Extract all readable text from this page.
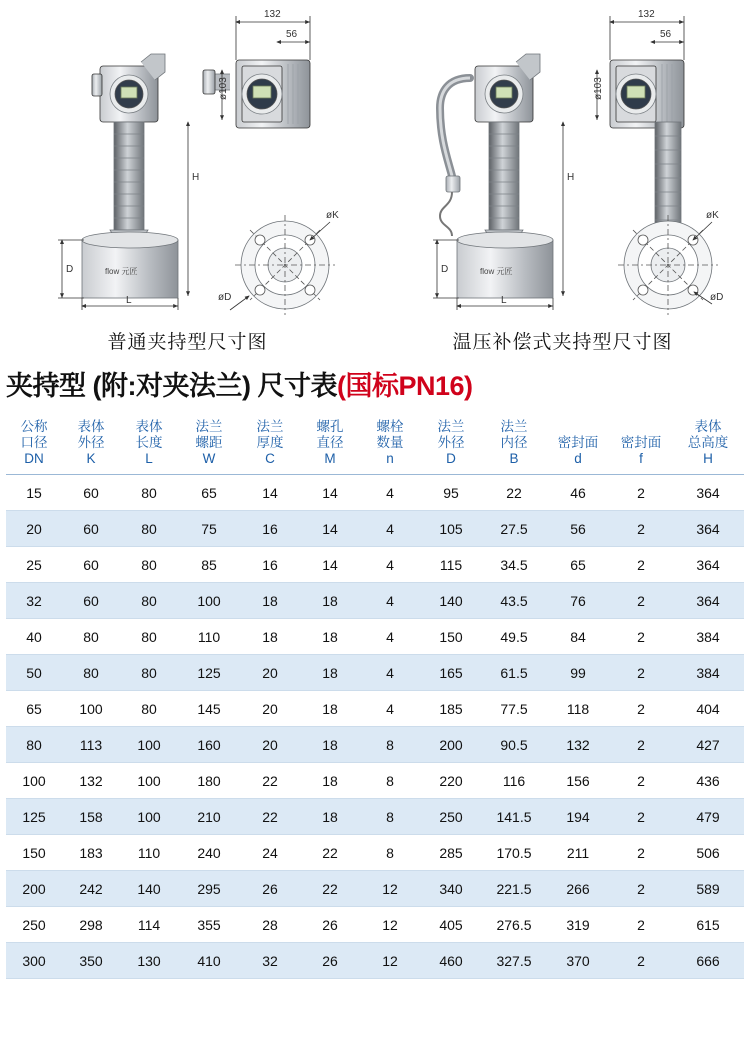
132
56
ø103
flow 元匠
H
D
L
øK
øD
132
56
ø103
flow 元匠
H
D
L
øK
øD
普通夹持型尺寸图	温压补偿式夹持型尺寸图
夹持型 (附:对夹法兰) 尺寸表 (国标PN16)
公称
口径
DN	表体
外径
K	表体
长度
L	法兰
螺距
W	法兰
厚度
C	螺孔
直径
M	螺栓
数量
n	法兰
外径
D	法兰
内径
B	密封面
d	密封面
f	表体
总高度
H

15	60	80	65	14	14	4	95	22	46	2	364
20	60	80	75	16	14	4	105	27.5	56	2	364
25	60	80	85	16	14	4	115	34.5	65	2	364
32	60	80	100	18	18	4	140	43.5	76	2	364
40	80	80	110	18	18	4	150	49.5	84	2	384
50	80	80	125	20	18	4	165	61.5	99	2	384
65	100	80	145	20	18	4	185	77.5	118	2	404
80	113	100	160	20	18	8	200	90.5	132	2	427
100	132	100	180	22	18	8	220	116	156	2	436
125	158	100	210	22	18	8	250	141.5	194	2	479
150	183	110	240	24	22	8	285	170.5	211	2	506
200	242	140	295	26	22	12	340	221.5	266	2	589
250	298	114	355	28	26	12	405	276.5	319	2	615
300	350	130	410	32	26	12	460	327.5	370	2	666
